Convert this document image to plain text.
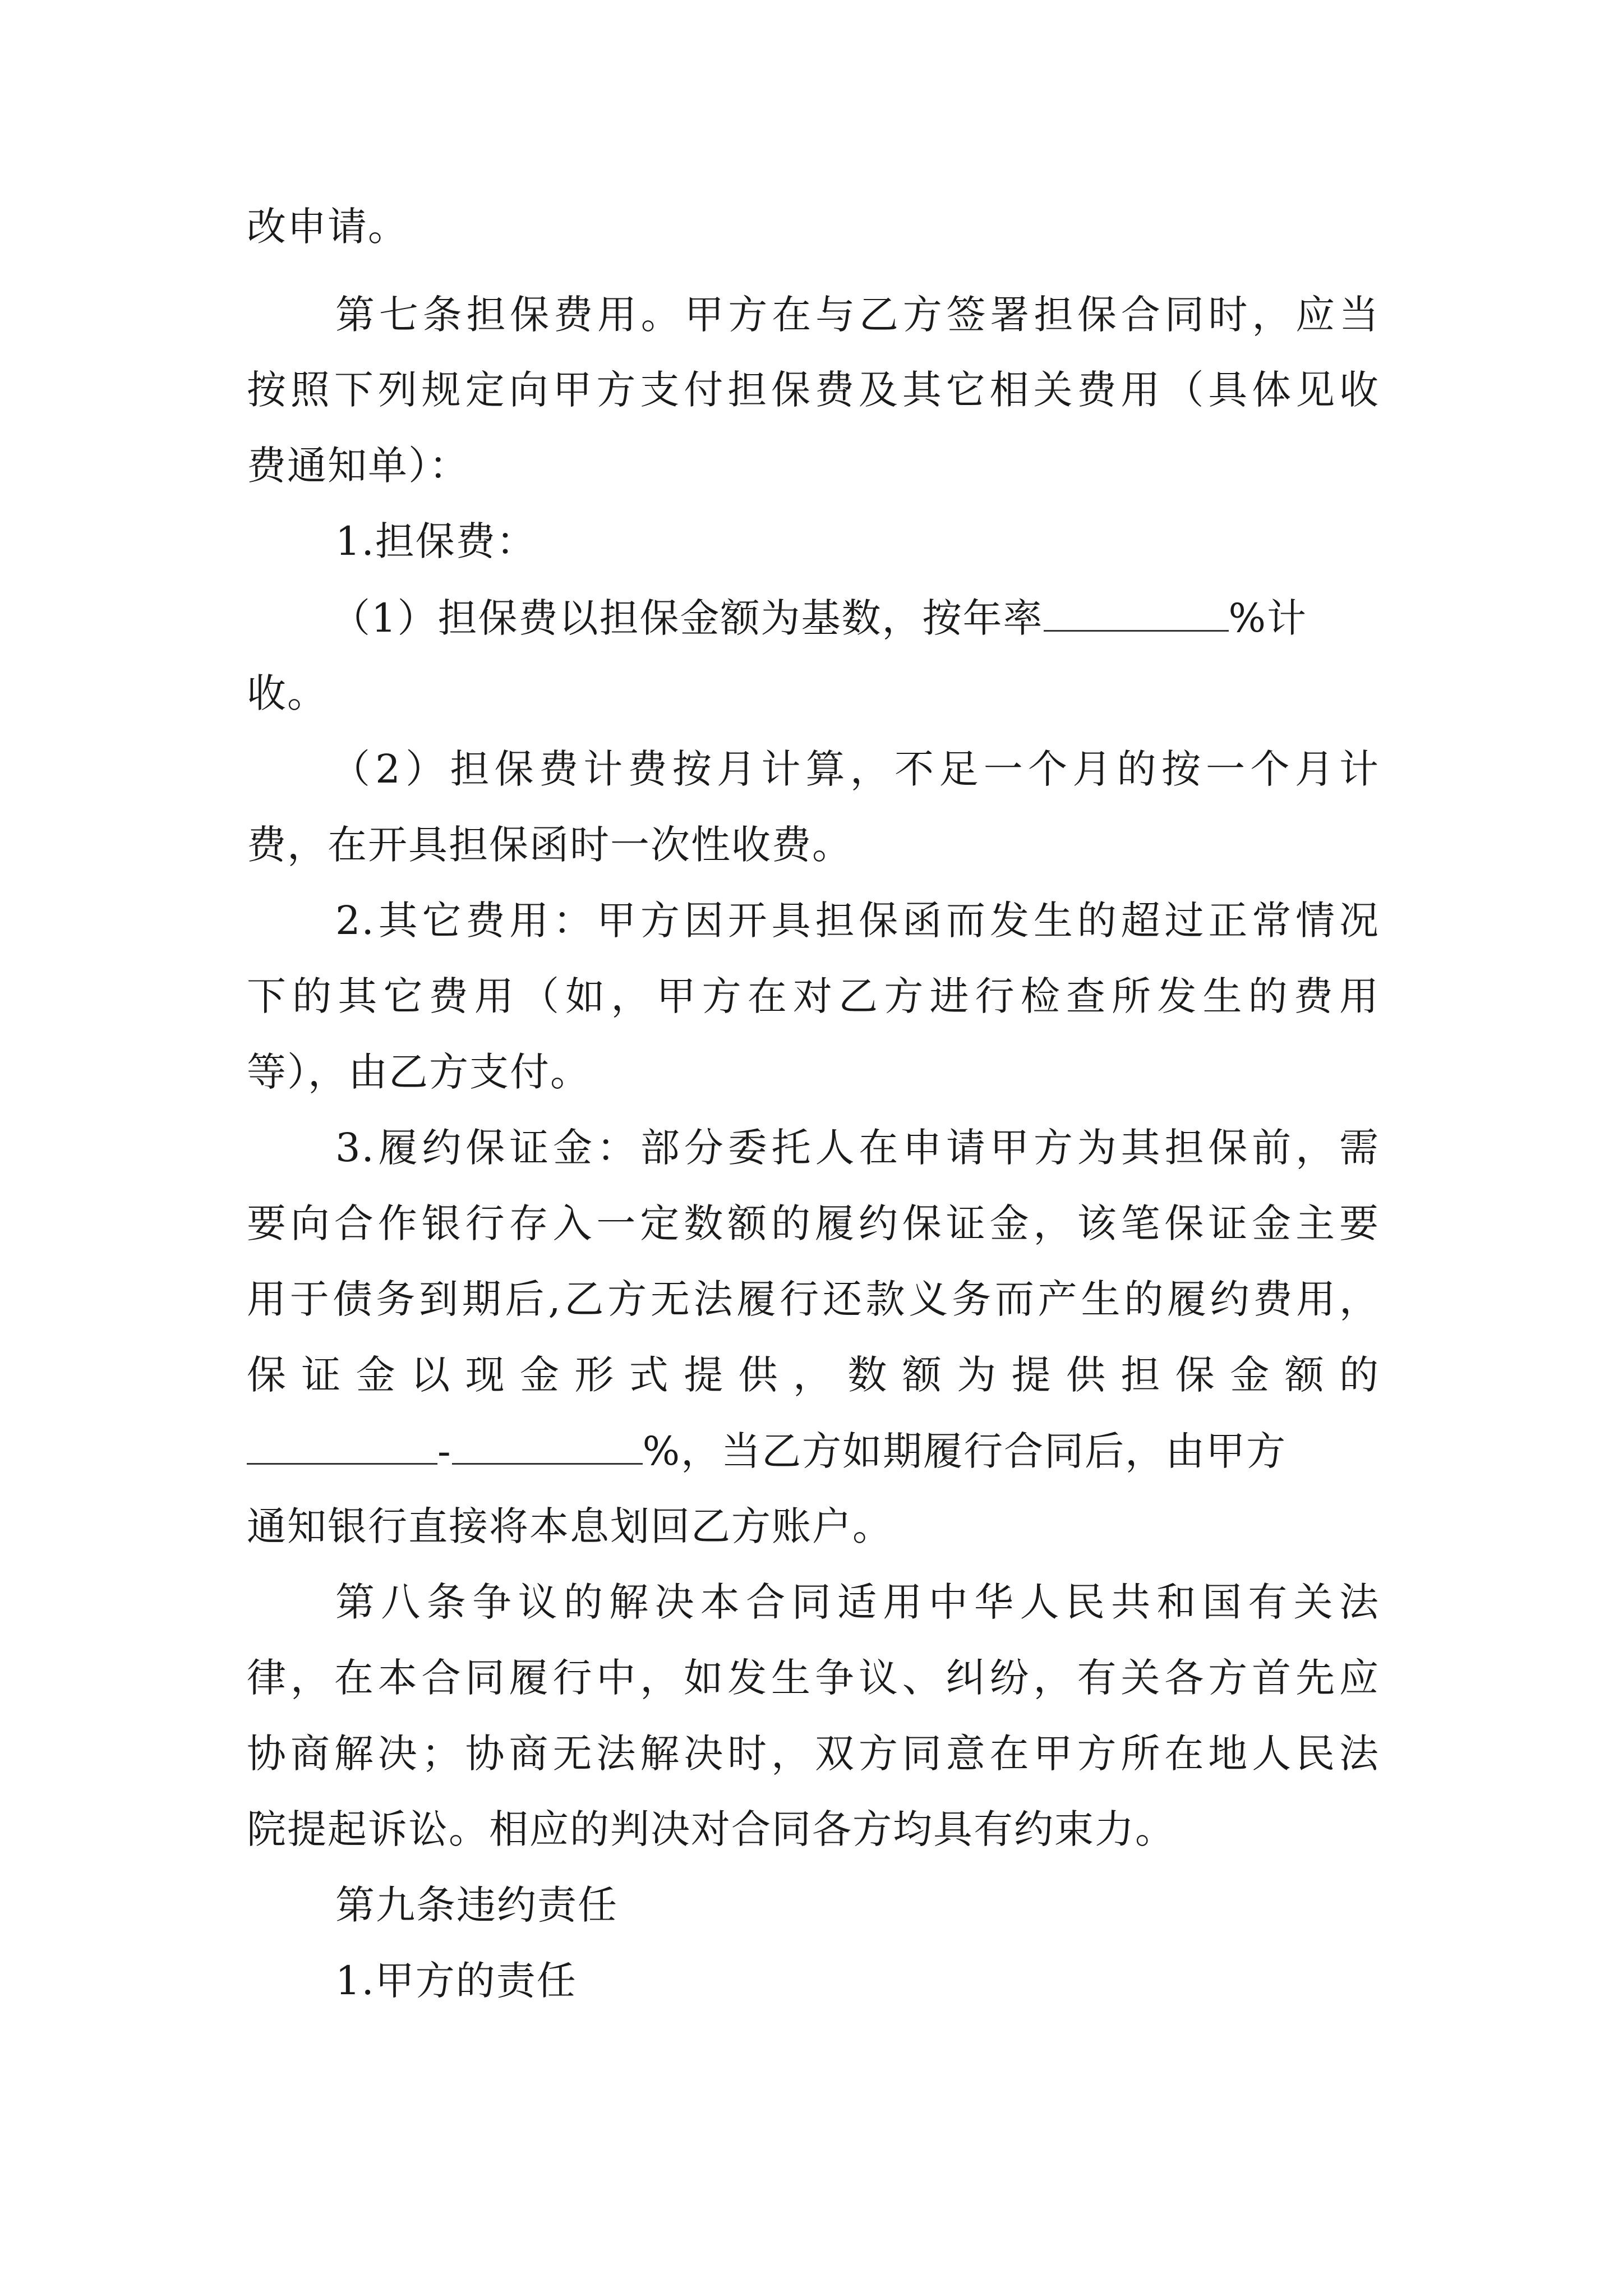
改申请。
第七条担保费用。甲方在与乙方签署担保合同时，应当
按照下列规定向甲方支付担保费及其它相关费用（具体见收
费通知单）：
1.担保费：
（1）担保费以担保金额为基数，按年率	%计
收。
（2）担保费计费按月计算，不足一个月的按一个月计
费，在开具担保函时一次性收费。
2.其它费用：甲方因开具担保函而发生的超过正常情况
下的其它费用（如，甲方在对乙方进行检查所发生的费用
等），由乙方支付。
3.履约保证金：部分委托人在申请甲方为其担保前，需
要向合作银行存入一定数额的履约保证金，该笔保证金主要
用于债务到期后,乙方无法履行还款义务而产生的履约费用，
保证金以现金形式提供，数额为提供担保金额的
-	%，当乙方如期履行合同后，由甲方
通知银行直接将本息划回乙方账户。
第八条争议的解决本合同适用中华人民共和国有关法
律，在本合同履行中，如发生争议、纠纷，有关各方首先应
协商解决；协商无法解决时，双方同意在甲方所在地人民法
院提起诉讼。相应的判决对合同各方均具有约束力。
第九条违约责任
1.甲方的责任
